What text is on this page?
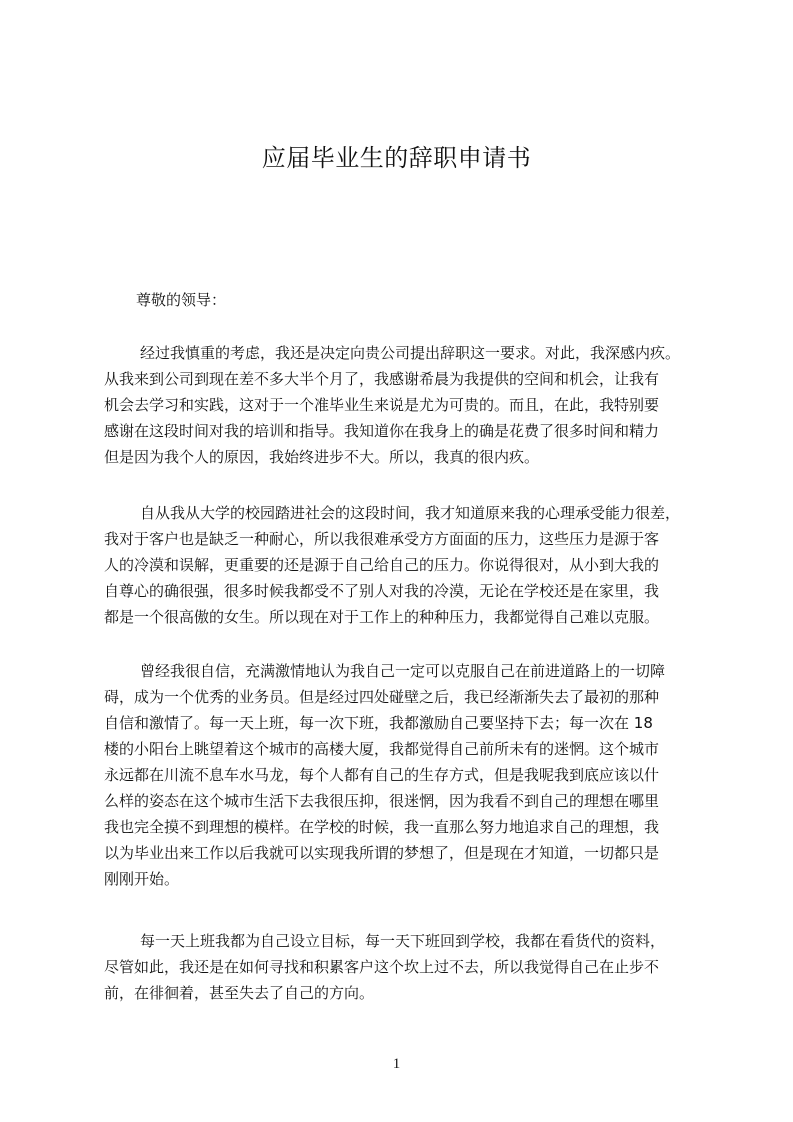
应届毕业生的辞职申请书
尊敬的领导：
经过我慎重的考虑，我还是决定向贵公司提出辞职这一要求。对此，我深感内疚。
从我来到公司到现在差不多大半个月了，我感谢希晨为我提供的空间和机会，让我有
机会去学习和实践，这对于一个准毕业生来说是尤为可贵的。而且，在此，我特别要
感谢在这段时间对我的培训和指导。我知道你在我身上的确是花费了很多时间和精力
但是因为我个人的原因，我始终进步不大。所以，我真的很内疚。
自从我从大学的校园踏进社会的这段时间，我才知道原来我的心理承受能力很差，
我对于客户也是缺乏一种耐心，所以我很难承受方方面面的压力，这些压力是源于客
人的冷漠和误解，更重要的还是源于自己给自己的压力。你说得很对，从小到大我的
自尊心的确很强，很多时候我都受不了别人对我的冷漠，无论在学校还是在家里，我
都是一个很高傲的女生。所以现在对于工作上的种种压力，我都觉得自己难以克服。
曾经我很自信，充满激情地认为我自己一定可以克服自己在前进道路上的一切障
碍，成为一个优秀的业务员。但是经过四处碰壁之后，我已经渐渐失去了最初的那种
自信和激情了。每一天上班，每一次下班，我都激励自己要坚持下去；每一次在 18
楼的小阳台上眺望着这个城市的高楼大厦，我都觉得自己前所未有的迷惘。这个城市
永远都在川流不息车水马龙，每个人都有自己的生存方式，但是我呢我到底应该以什
么样的姿态在这个城市生活下去我很压抑，很迷惘，因为我看不到自己的理想在哪里
我也完全摸不到理想的模样。在学校的时候，我一直那么努力地追求自己的理想，我
以为毕业出来工作以后我就可以实现我所谓的梦想了，但是现在才知道，一切都只是
刚刚开始。
每一天上班我都为自己设立目标，每一天下班回到学校，我都在看货代的资料，
尽管如此，我还是在如何寻找和积累客户这个坎上过不去，所以我觉得自己在止步不
前，在徘徊着，甚至失去了自己的方向。
1
